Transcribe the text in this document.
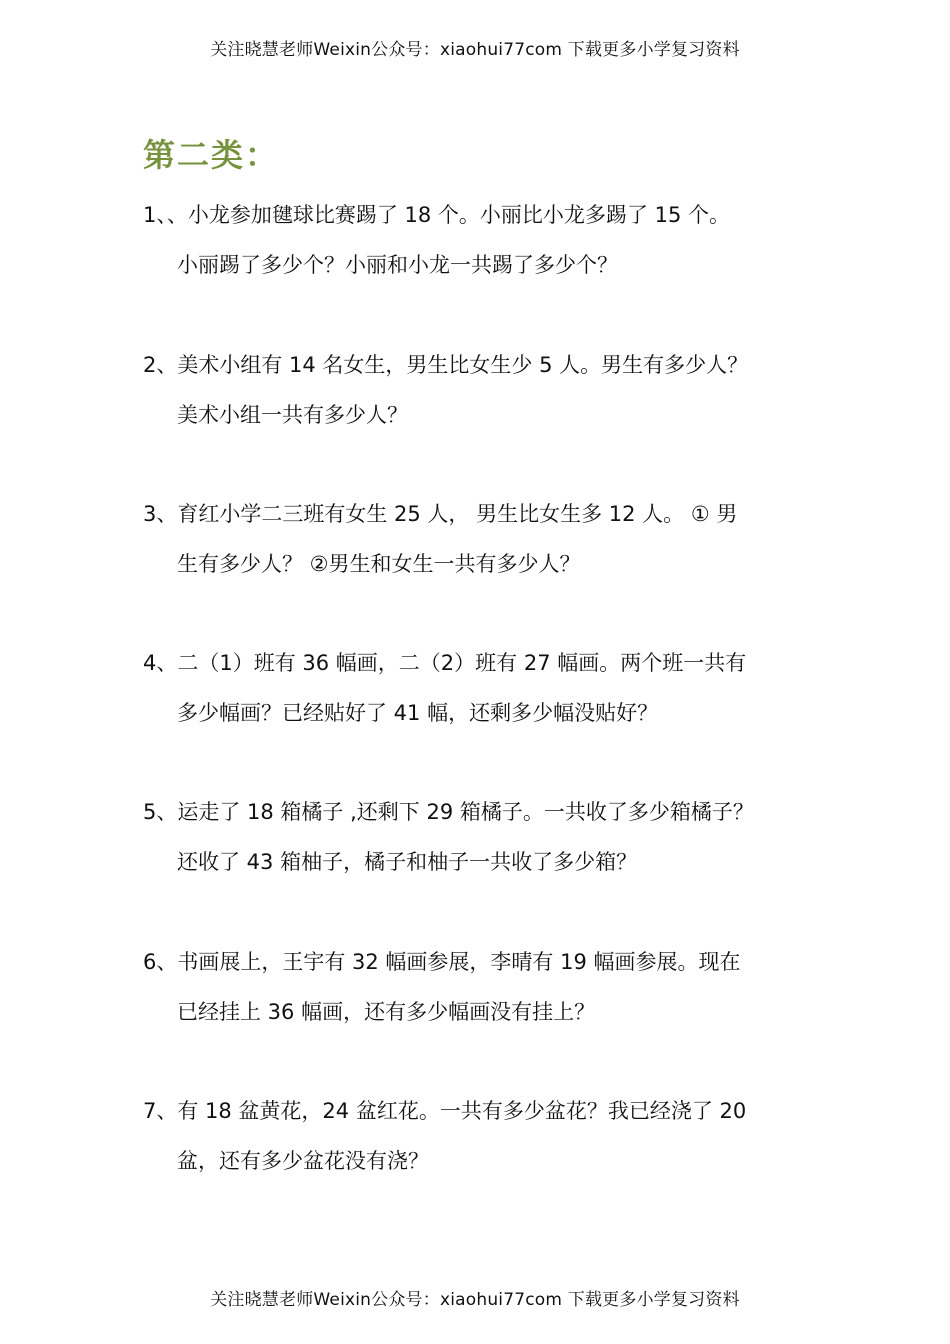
关注晓慧老师Weixin公众号：xiaohui77com 下载更多小学复习资料
第二类：
1、、小龙参加毽球比赛踢了 18 个。小丽比小龙多踢了 15 个。
小丽踢了多少个？小丽和小龙一共踢了多少个？
2、美术小组有 14 名女生，男生比女生少 5 人。男生有多少人？
美术小组一共有多少人？
3、育红小学二三班有女生 25 人， 男生比女生多 12 人。 ① 男
生有多少人？ ②男生和女生一共有多少人？
4、二（1）班有 36 幅画，二（2）班有 27 幅画。两个班一共有
多少幅画？已经贴好了 41 幅，还剩多少幅没贴好？
5、运走了 18 箱橘子 ,还剩下 29 箱橘子。一共收了多少箱橘子？
还收了 43 箱柚子，橘子和柚子一共收了多少箱？
6、书画展上，王宇有 32 幅画参展，李晴有 19 幅画参展。现在
已经挂上 36 幅画，还有多少幅画没有挂上？
7、有 18 盆黄花，24 盆红花。一共有多少盆花？我已经浇了 20
盆，还有多少盆花没有浇？
关注晓慧老师Weixin公众号：xiaohui77com 下载更多小学复习资料
